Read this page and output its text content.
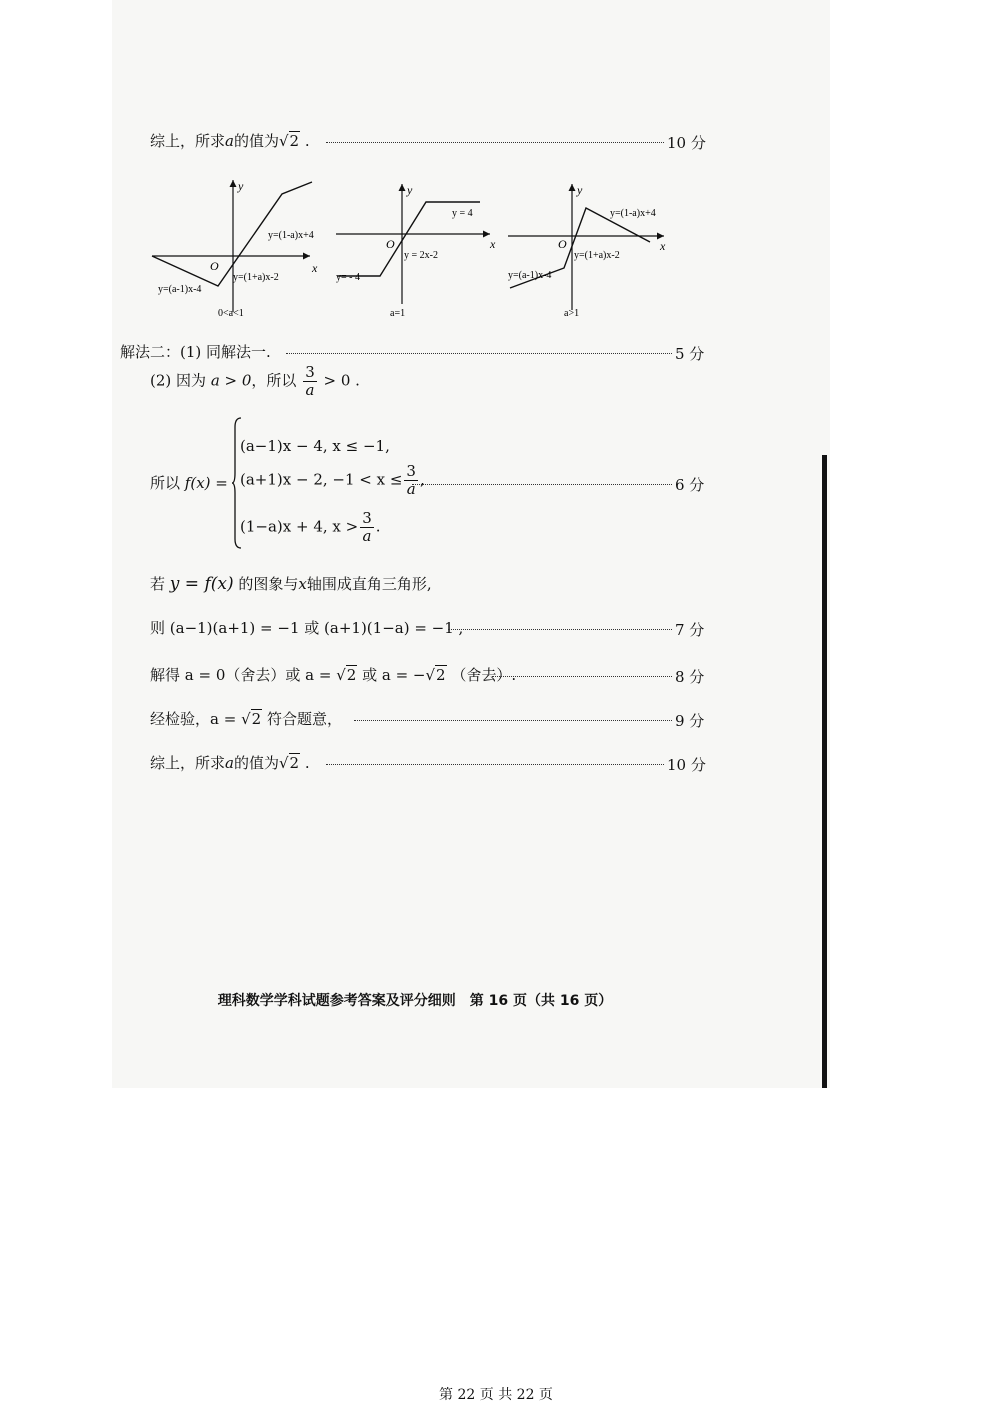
综上，所求a的值为√2 .	10 分
y
x
O
y=(1-a)x+4
y=(1+a)x-2
y=(a-1)x-4
0<a<1
y
x
O
y = 4
y = 2x-2
y= - 4
a=1
y
x
O
y=(1-a)x+4
y=(1+a)x-2
y=(a-1)x-4
a>1
解法二：(1) 同解法一.	5 分
(2) 因为 a > 0，所以 $\frac{3}{a} > 0$ .
所以 f(x) =
(a−1)x − 4, x ≤ −1,
(a+1)x − 2, $-1 < x \le \frac{3}{a}$ ,
(1−a)x + 4, $x > \frac{3}{a}$ .
6 分
若 y = f(x) 的图象与x轴围成直角三角形,
则 (a−1)(a+1) = −1 或 (a+1)(1−a) = −1 ,	7 分
解得 a = 0（舍去）或 a = √2 或 a = −√2 （舍去）.	8 分
经检验，a = √2 符合题意，	9 分
综上，所求a的值为√2 .	10 分
理科数学学科试题参考答案及评分细则　第 16 页（共 16 页）
第 22 页 共 22 页
